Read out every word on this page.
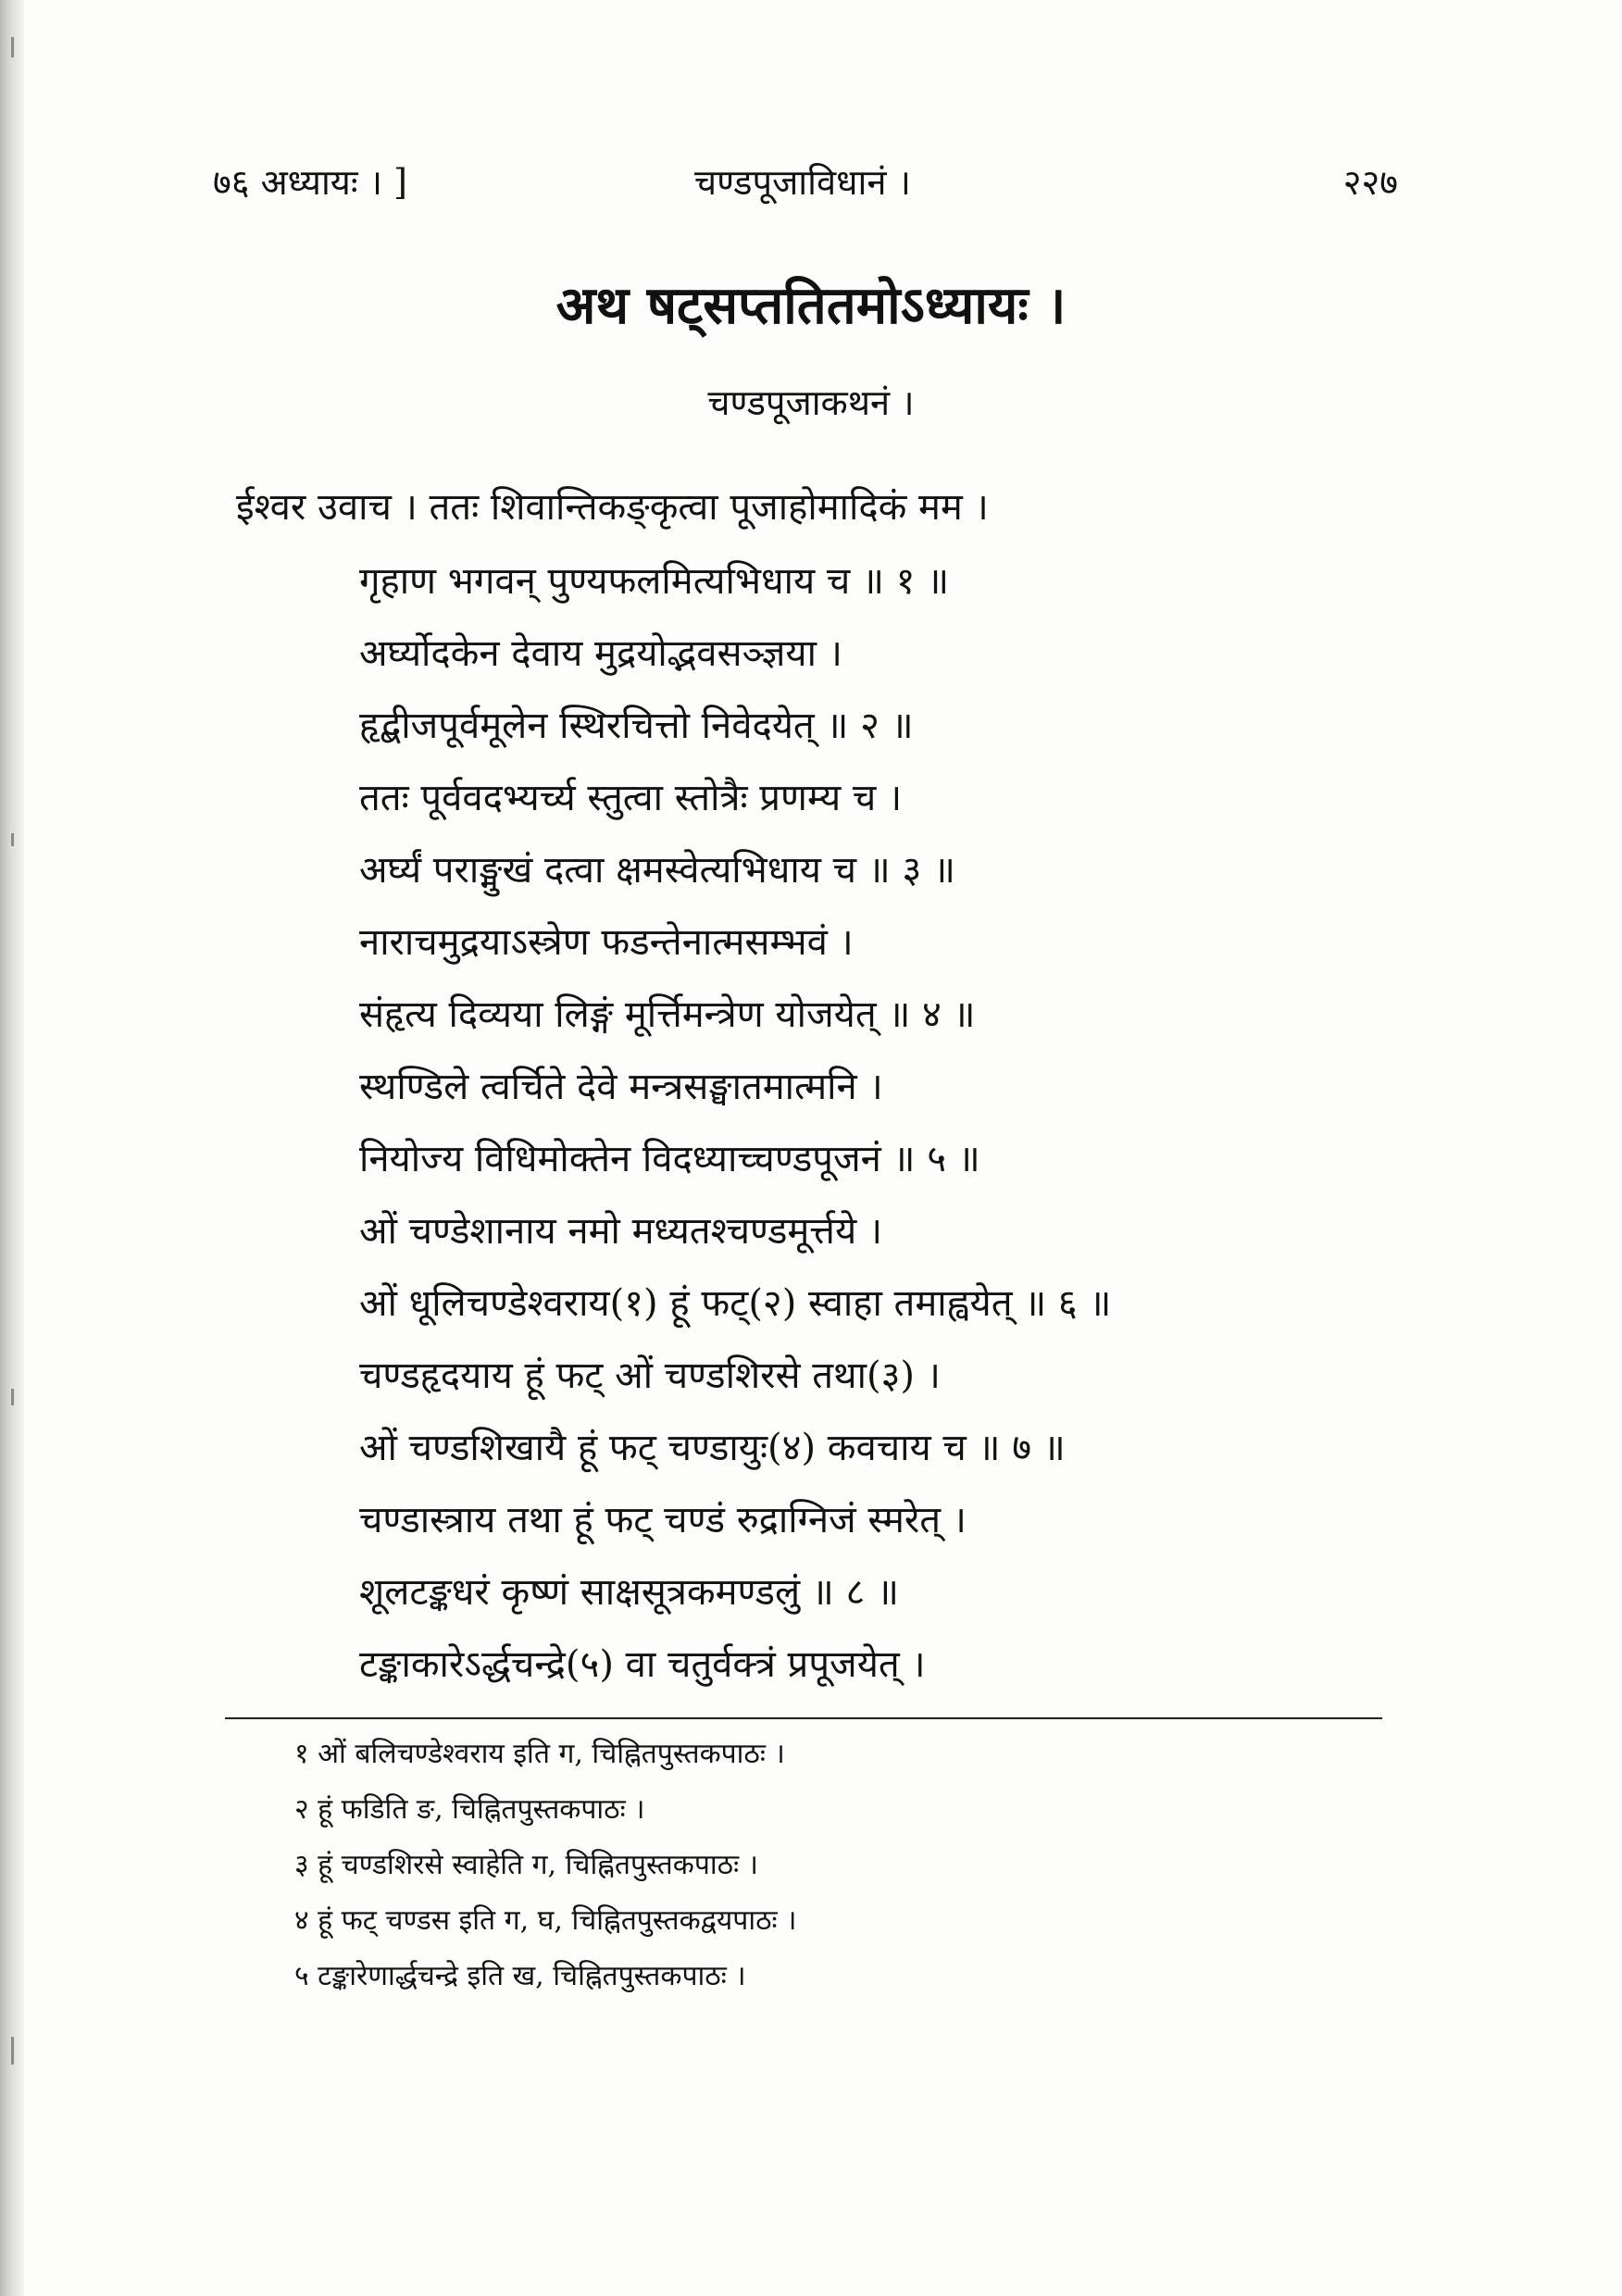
७६ अध्यायः । ]	चण्डपूजाविधानं ।	२२७
अथ षट्सप्ततितमोऽध्यायः ।
चण्डपूजाकथनं ।
ईश्वर उवाच । ततः शिवान्तिकङ्कृत्वा पूजाहोमादिकं मम ।
गृहाण भगवन् पुण्यफलमित्यभिधाय च ॥ १ ॥
अर्घ्योदकेन देवाय मुद्रयोद्भवसञ्ज्ञया ।
हृद्बीजपूर्वमूलेन स्थिरचित्तो निवेदयेत् ॥ २ ॥
ततः पूर्ववदभ्यर्च्य स्तुत्वा स्तोत्रैः प्रणम्य च ।
अर्घ्यं पराङ्मुखं दत्वा क्षमस्वेत्यभिधाय च ॥ ३ ॥
नाराचमुद्रयाऽस्त्रेण फडन्तेनात्मसम्भवं ।
संहृत्य दिव्यया लिङ्गं मूर्त्तिमन्त्रेण योजयेत् ॥ ४ ॥
स्थण्डिले त्वर्चिते देवे मन्त्रसङ्घातमात्मनि ।
नियोज्य विधिमोक्तेन विदध्याच्चण्डपूजनं ॥ ५ ॥
ओं चण्डेशानाय नमो मध्यतश्चण्डमूर्त्तये ।
ओं धूलिचण्डेश्वराय(१) हूं फट्(२) स्वाहा तमाह्वयेत् ॥ ६ ॥
चण्डहृदयाय हूं फट् ओं चण्डशिरसे तथा(३) ।
ओं चण्डशिखायै हूं फट् चण्डायुः(४) कवचाय च ॥ ७ ॥
चण्डास्त्राय तथा हूं फट् चण्डं रुद्राग्निजं स्मरेत् ।
शूलटङ्कधरं कृष्णं साक्षसूत्रकमण्डलुं ॥ ८ ॥
टङ्काकारेऽर्द्धचन्द्रे(५) वा चतुर्वक्त्रं प्रपूजयेत् ।
१ ओं बलिचण्डेश्वराय इति ग, चिह्नितपुस्तकपाठः ।
२ हूं फडिति ङ, चिह्नितपुस्तकपाठः ।
३ हूं चण्डशिरसे स्वाहेति ग, चिह्नितपुस्तकपाठः ।
४ हूं फट् चण्डस इति ग, घ, चिह्नितपुस्तकद्वयपाठः ।
५ टङ्कारेणार्द्धचन्द्रे इति ख, चिह्नितपुस्तकपाठः ।
